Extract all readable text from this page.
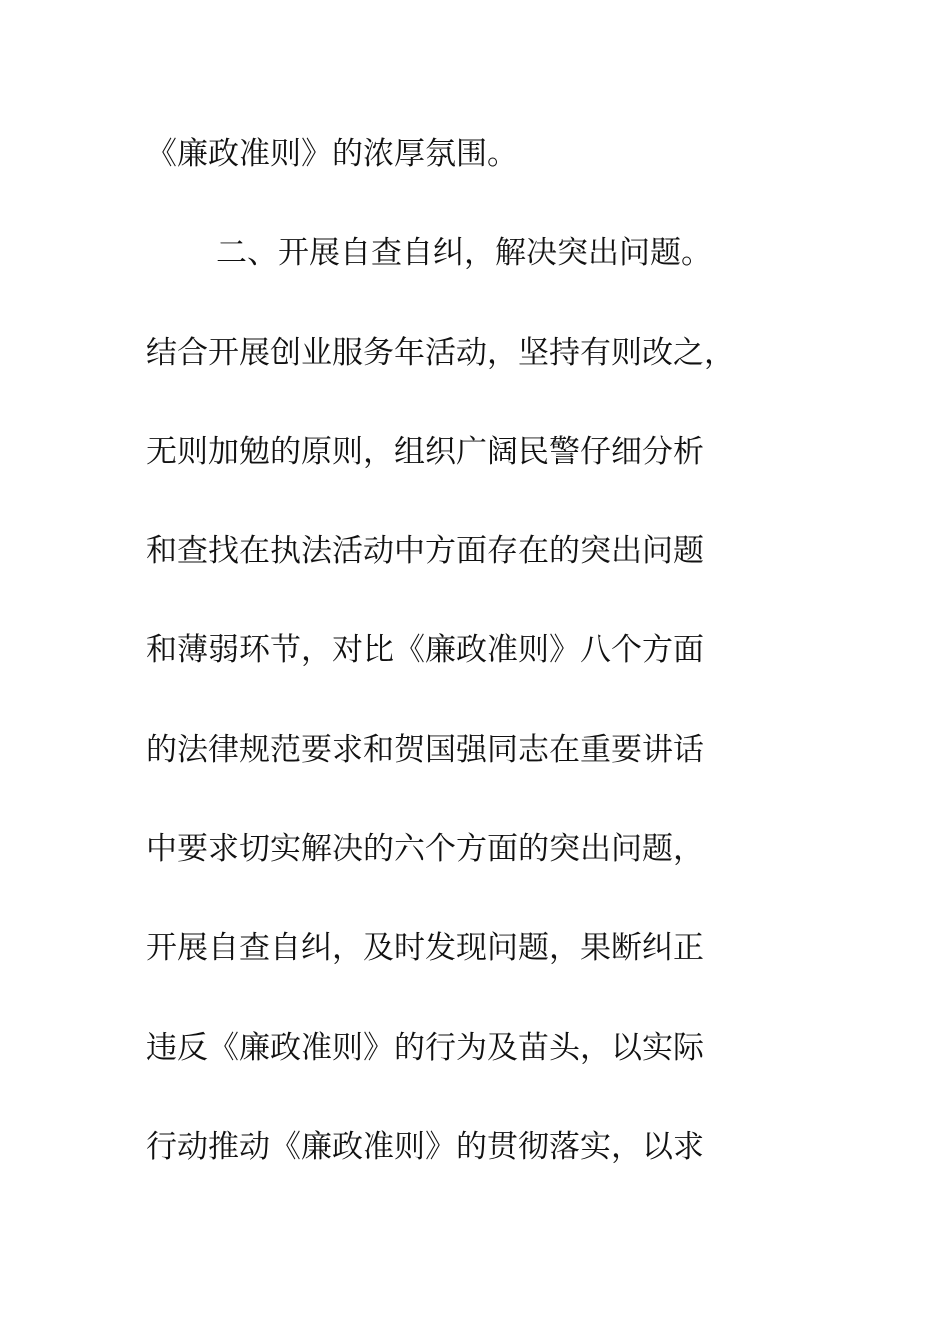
《廉政准则》的浓厚氛围。
二、开展自查自纠，解决突出问题。
结合开展创业服务年活动，坚持有则改之，
无则加勉的原则，组织广阔民警仔细分析
和查找在执法活动中方面存在的突出问题
和薄弱环节，对比《廉政准则》八个方面
的法律规范要求和贺国强同志在重要讲话
中要求切实解决的六个方面的突出问题，
开展自查自纠，及时发现问题，果断纠正
违反《廉政准则》的行为及苗头，以实际
行动推动《廉政准则》的贯彻落实，以求
